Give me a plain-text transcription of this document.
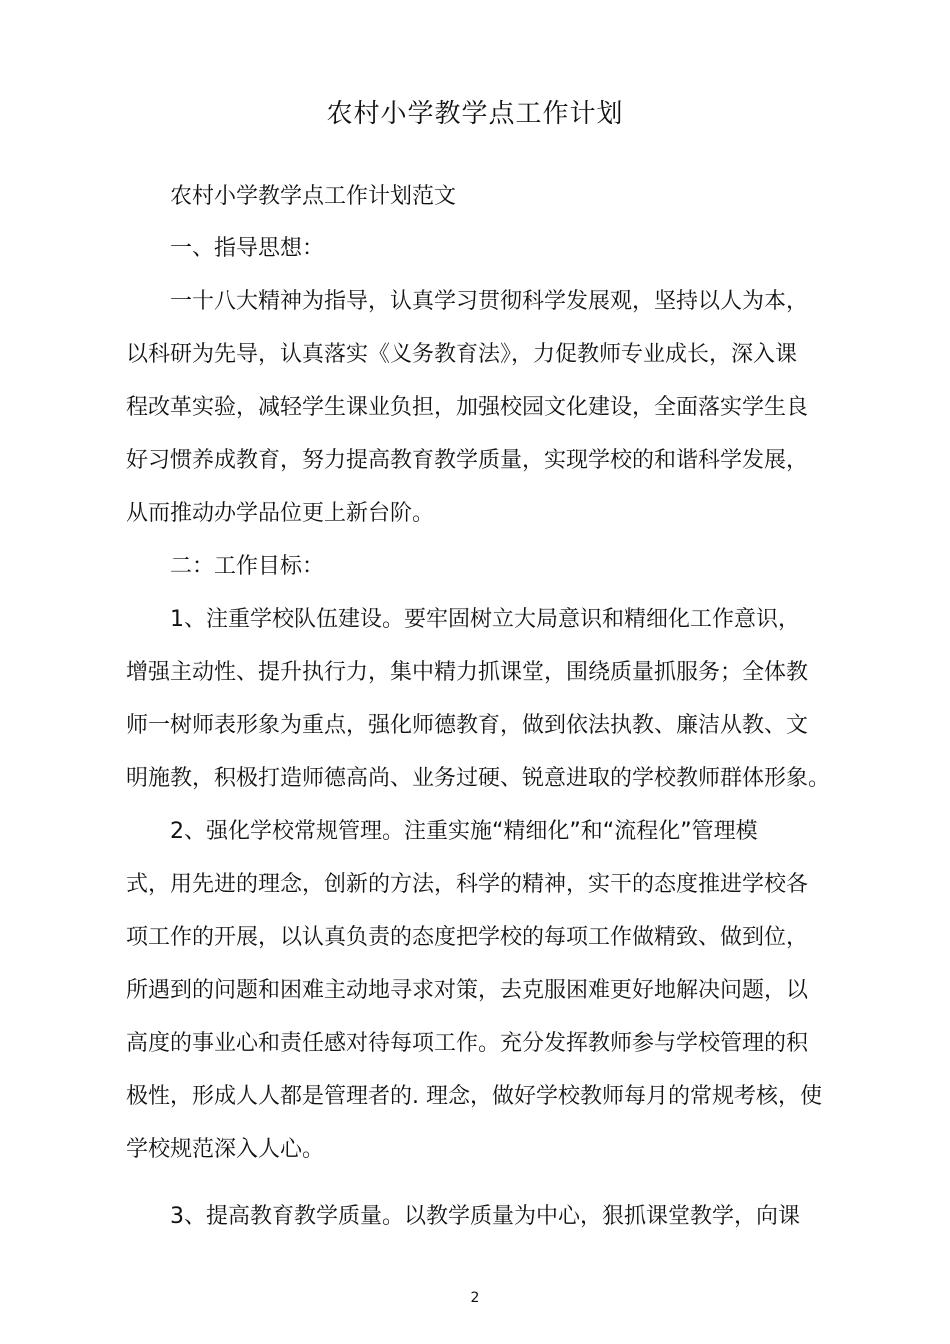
农村小学教学点工作计划
农村小学教学点工作计划范文
一、指导思想：
一十八大精神为指导，认真学习贯彻科学发展观，坚持以人为本，
以科研为先导，认真落实《义务教育法》，力促教师专业成长，深入课
程改革实验，减轻学生课业负担，加强校园文化建设，全面落实学生良
好习惯养成教育，努力提高教育教学质量，实现学校的和谐科学发展，
从而推动办学品位更上新台阶。
二：工作目标：
1、注重学校队伍建设。要牢固树立大局意识和精细化工作意识，
增强主动性、提升执行力，集中精力抓课堂，围绕质量抓服务；全体教
师一树师表形象为重点，强化师德教育，做到依法执教、廉洁从教、文
明施教，积极打造师德高尚、业务过硬、锐意进取的学校教师群体形象。
2、强化学校常规管理。注重实施“精细化”和“流程化”管理模
式，用先进的理念，创新的方法，科学的精神，实干的态度推进学校各
项工作的开展，以认真负责的态度把学校的每项工作做精致、做到位，
所遇到的问题和困难主动地寻求对策，去克服困难更好地解决问题，以
高度的事业心和责任感对待每项工作。充分发挥教师参与学校管理的积
极性，形成人人都是管理者的. 理念，做好学校教师每月的常规考核，使
学校规范深入人心。
3、提高教育教学质量。以教学质量为中心，狠抓课堂教学，向课
2
